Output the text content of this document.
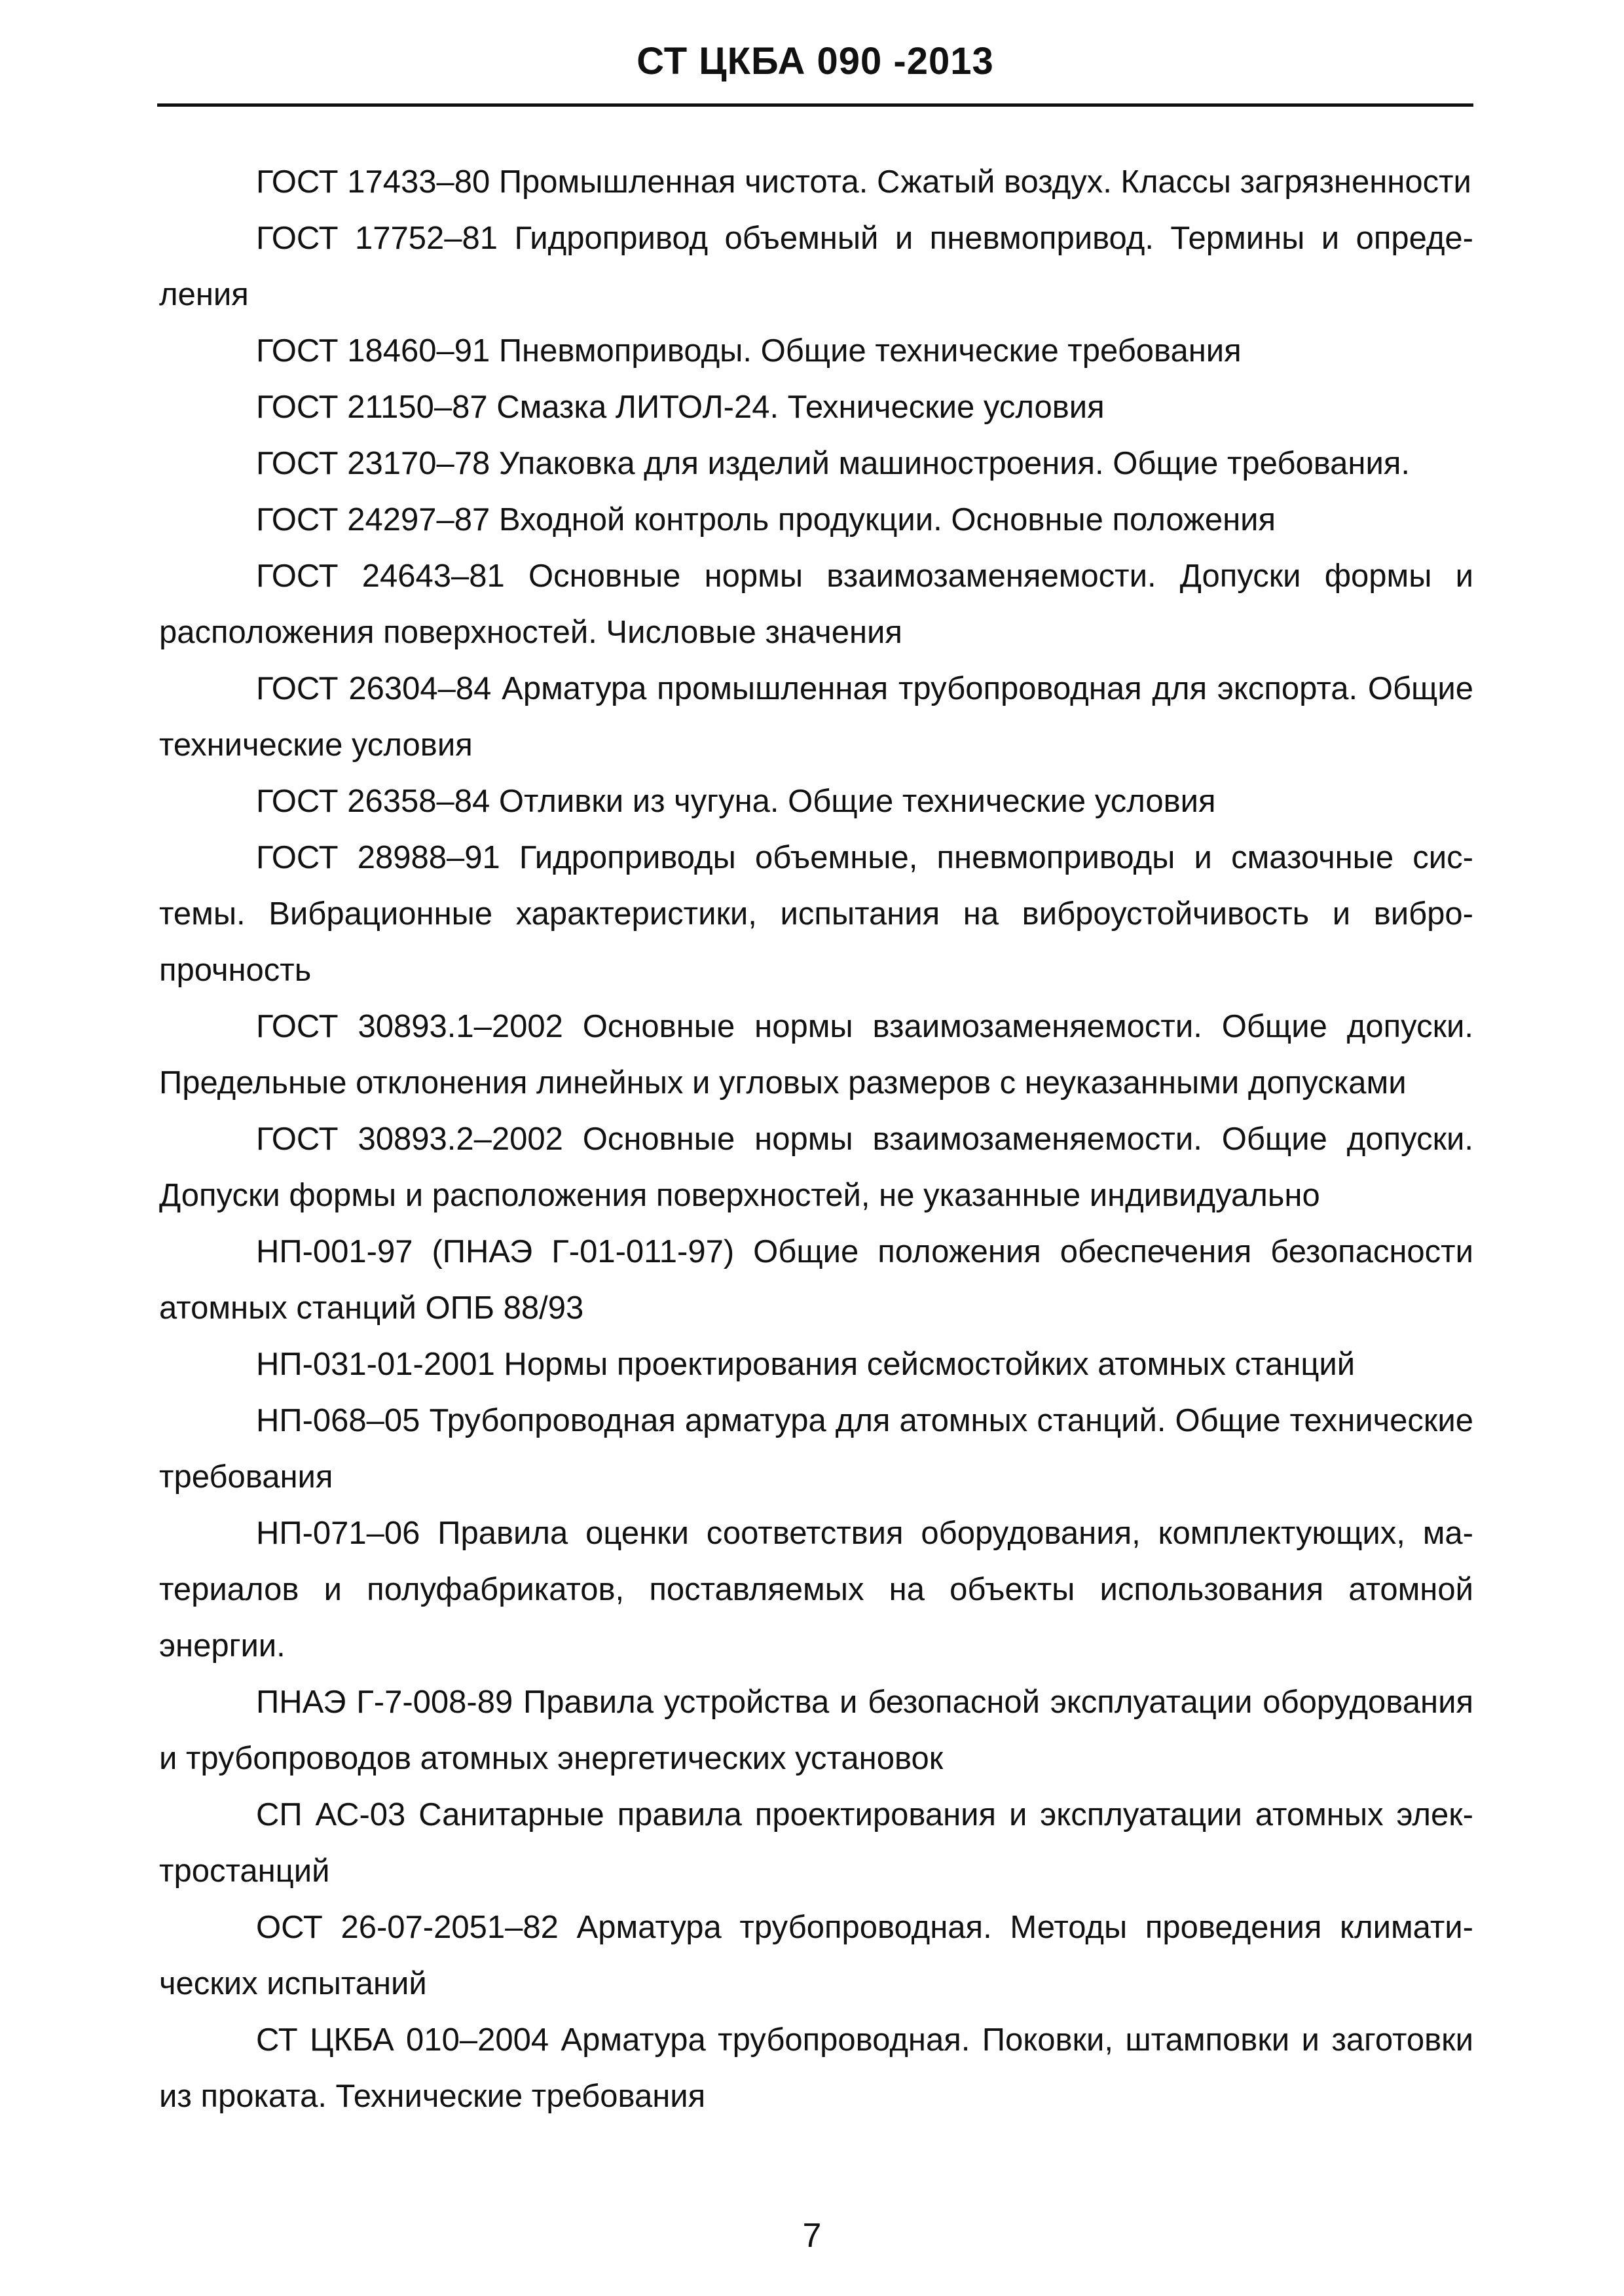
СТ ЦКБА 090 -2013

ГОСТ 17433–80 Промышленная чистота. Сжатый воздух. Классы загрязненности

ГОСТ 17752–81 Гидропривод объемный и пневмопривод. Термины и определения

ГОСТ 18460–91 Пневмоприводы. Общие технические требования

ГОСТ 21150–87 Смазка ЛИТОЛ-24. Технические условия

ГОСТ 23170–78 Упаковка для изделий машиностроения. Общие требования.

ГОСТ 24297–87 Входной контроль продукции. Основные положения

ГОСТ 24643–81 Основные нормы взаимозаменяемости. Допуски формы и расположения поверхностей. Числовые значения

ГОСТ 26304–84 Арматура промышленная трубопроводная для экспорта. Общие технические условия

ГОСТ 26358–84 Отливки из чугуна. Общие технические условия

ГОСТ 28988–91 Гидроприводы объемные, пневмоприводы и смазочные системы. Вибрационные характеристики, испытания на виброустойчивость и вибропрочность

ГОСТ 30893.1–2002 Основные нормы взаимозаменяемости. Общие допуски. Предельные отклонения линейных и угловых размеров с неуказанными допусками

ГОСТ 30893.2–2002 Основные нормы взаимозаменяемости. Общие допуски. Допуски формы и расположения поверхностей, не указанные индивидуально

НП-001-97 (ПНАЭ Г-01-011-97) Общие положения обеспечения безопасности атомных станций ОПБ 88/93

НП-031-01-2001 Нормы проектирования сейсмостойких атомных станций

НП-068–05 Трубопроводная арматура для атомных станций. Общие технические требования

НП-071–06 Правила оценки соответствия оборудования, комплектующих, материалов и полуфабрикатов, поставляемых на объекты использования атомной энергии.

ПНАЭ Г-7-008-89 Правила устройства и безопасной эксплуатации оборудования и трубопроводов атомных энергетических установок

СП АС-03 Санитарные правила проектирования и эксплуатации атомных электростанций

ОСТ 26-07-2051–82 Арматура трубопроводная. Методы проведения климатических испытаний

СТ ЦКБА 010–2004 Арматура трубопроводная. Поковки, штамповки и заготовки из проката. Технические требования

7
